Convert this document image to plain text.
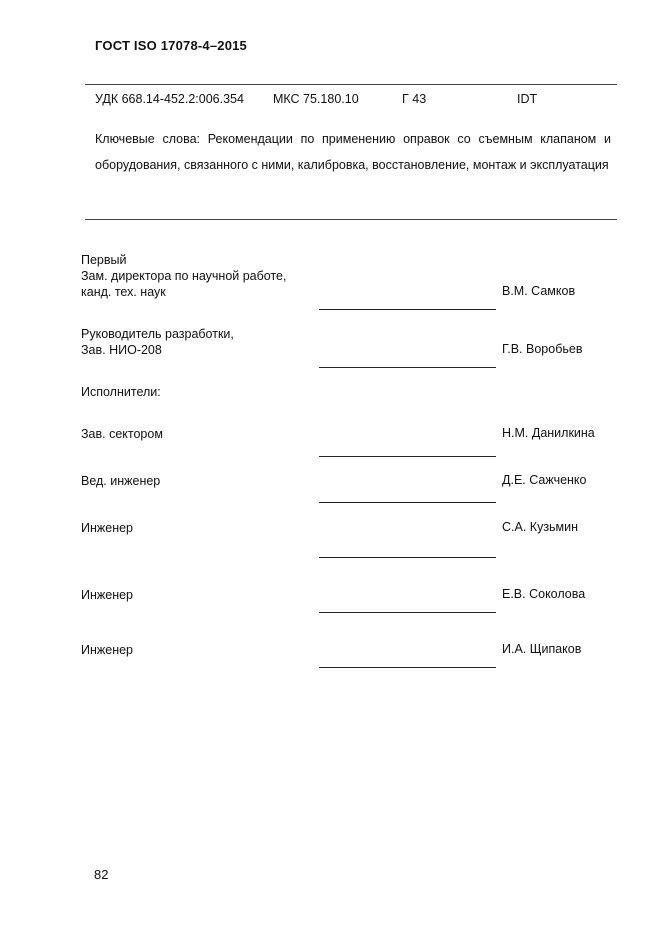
ГОСТ ISO 17078-4–2015
УДК 668.14-452.2:006.354 МКС 75.180.10	Г 43	IDT
Ключевые слова: Рекомендации по применению оправок со съемным клапаном и оборудования, связанного с ними, калибровка, восстановление, монтаж и эксплуатация
Первый
Зам. директора по научной работе,
канд. тех. наук	В.М. Самков
Руководитель разработки,
Зав. НИО-208	Г.В. Воробьев
Исполнители:
Зав. сектором	Н.М. Данилкина
Вед. инженер	Д.Е. Сажченко
Инженер	С.А. Кузьмин
Инженер	Е.В. Соколова
Инженер	И.А. Щипаков
82
